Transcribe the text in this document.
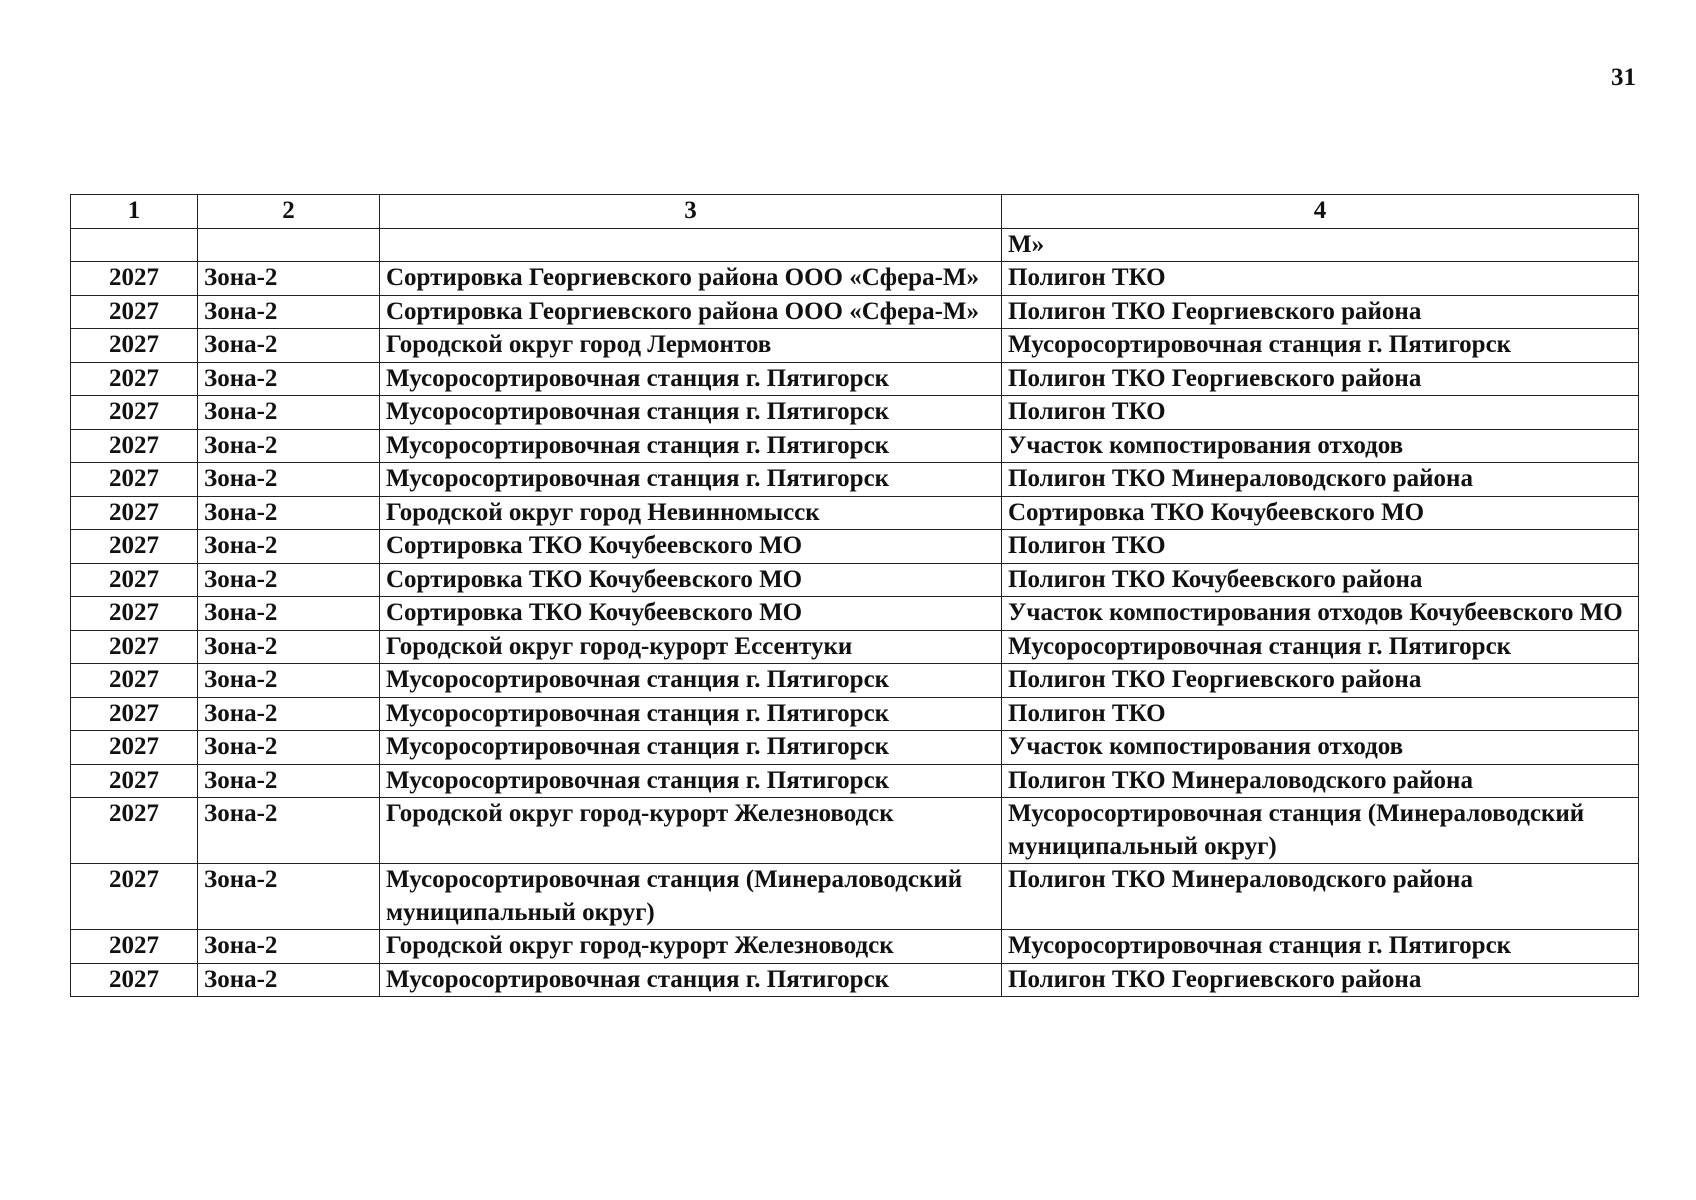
31
1	2	3	4
			М»
2027	Зона-2	Сортировка Георгиевского района ООО «Сфера-М»	Полигон ТКО
2027	Зона-2	Сортировка Георгиевского района ООО «Сфера-М»	Полигон ТКО Георгиевского района
2027	Зона-2	Городской округ город Лермонтов	Мусоросортировочная станция г. Пятигорск
2027	Зона-2	Мусоросортировочная станция г. Пятигорск	Полигон ТКО Георгиевского района
2027	Зона-2	Мусоросортировочная станция г. Пятигорск	Полигон ТКО
2027	Зона-2	Мусоросортировочная станция г. Пятигорск	Участок компостирования отходов
2027	Зона-2	Мусоросортировочная станция г. Пятигорск	Полигон ТКО Минераловодского района
2027	Зона-2	Городской округ город Невинномысск	Сортировка ТКО Кочубеевского МО
2027	Зона-2	Сортировка ТКО Кочубеевского МО	Полигон ТКО
2027	Зона-2	Сортировка ТКО Кочубеевского МО	Полигон ТКО Кочубеевского района
2027	Зона-2	Сортировка ТКО Кочубеевского МО	Участок компостирования отходов Кочубеевского МО
2027	Зона-2	Городской округ город-курорт Ессентуки	Мусоросортировочная станция г. Пятигорск
2027	Зона-2	Мусоросортировочная станция г. Пятигорск	Полигон ТКО Георгиевского района
2027	Зона-2	Мусоросортировочная станция г. Пятигорск	Полигон ТКО
2027	Зона-2	Мусоросортировочная станция г. Пятигорск	Участок компостирования отходов
2027	Зона-2	Мусоросортировочная станция г. Пятигорск	Полигон ТКО Минераловодского района
2027	Зона-2	Городской округ город-курорт Железноводск	Мусоросортировочная станция (Минераловодский муниципальный округ)
2027	Зона-2	Мусоросортировочная станция (Минераловодский муниципальный округ)	Полигон ТКО Минераловодского района
2027	Зона-2	Городской округ город-курорт Железноводск	Мусоросортировочная станция г. Пятигорск
2027	Зона-2	Мусоросортировочная станция г. Пятигорск	Полигон ТКО Георгиевского района
